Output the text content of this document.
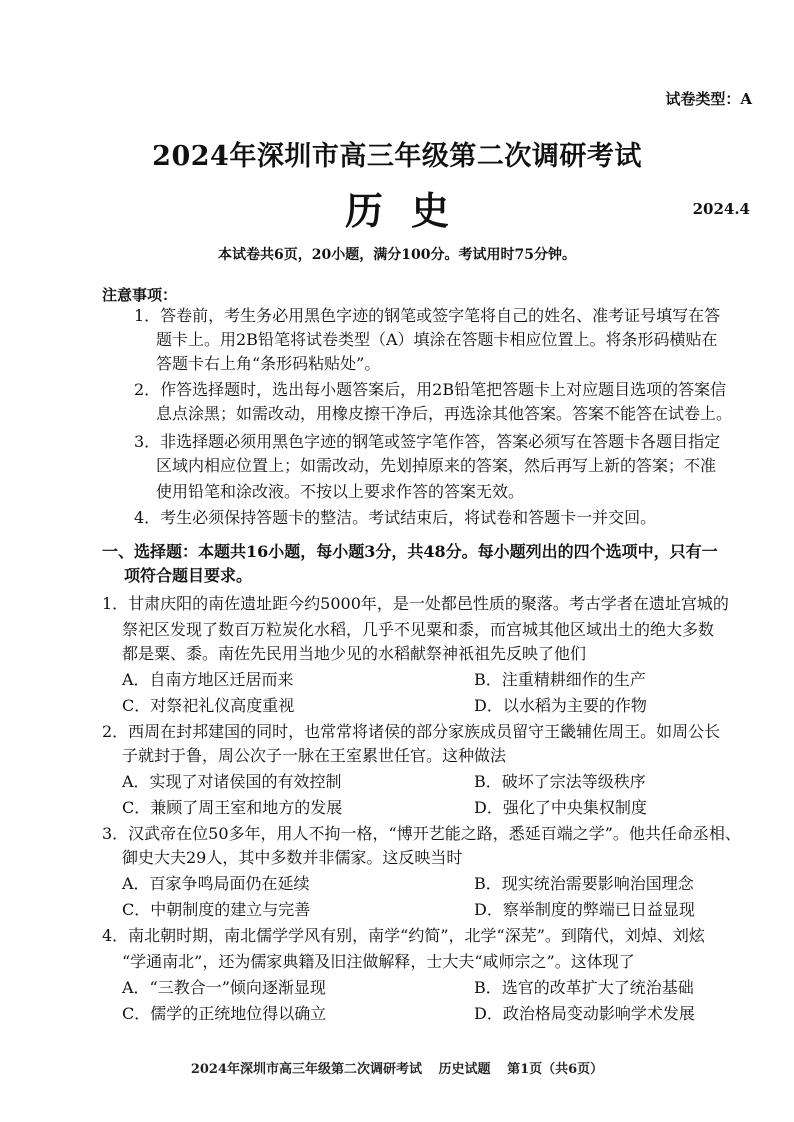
试卷类型：A
2024年深圳市高三年级第二次调研考试
历史	2024.4
本试卷共6页，20小题，满分100分。考试用时75分钟。
注意事项：
1．答卷前，考生务必用黑色字迹的钢笔或签字笔将自己的姓名、准考证号填写在答
题卡上。用2B铅笔将试卷类型（A）填涂在答题卡相应位置上。将条形码横贴在
答题卡右上角“条形码粘贴处”。
2．作答选择题时，选出每小题答案后，用2B铅笔把答题卡上对应题目选项的答案信
息点涂黑；如需改动，用橡皮擦干净后，再选涂其他答案。答案不能答在试卷上。
3．非选择题必须用黑色字迹的钢笔或签字笔作答，答案必须写在答题卡各题目指定
区域内相应位置上；如需改动，先划掉原来的答案，然后再写上新的答案；不准
使用铅笔和涂改液。不按以上要求作答的答案无效。
4．考生必须保持答题卡的整洁。考试结束后，将试卷和答题卡一并交回。
一、选择题：本题共16小题，每小题3分，共48分。每小题列出的四个选项中，只有一
项符合题目要求。
1．甘肃庆阳的南佐遗址距今约5000年，是一处都邑性质的聚落。考古学者在遗址宫城的
祭祀区发现了数百万粒炭化水稻，几乎不见粟和黍，而宫城其他区域出土的绝大多数
都是粟、黍。南佐先民用当地少见的水稻献祭神祇祖先反映了他们
A．自南方地区迁居而来	B．注重精耕细作的生产
C．对祭祀礼仪高度重视	D．以水稻为主要的作物
2．西周在封邦建国的同时，也常常将诸侯的部分家族成员留守王畿辅佐周王。如周公长
子就封于鲁，周公次子一脉在王室累世任官。这种做法
A．实现了对诸侯国的有效控制	B．破坏了宗法等级秩序
C．兼顾了周王室和地方的发展	D．强化了中央集权制度
3．汉武帝在位50多年，用人不拘一格，“博开艺能之路，悉延百端之学”。他共任命丞相、
御史大夫29人，其中多数并非儒家。这反映当时
A．百家争鸣局面仍在延续	B．现实统治需要影响治国理念
C．中朝制度的建立与完善	D．察举制度的弊端已日益显现
4．南北朝时期，南北儒学学风有别，南学“约简”，北学“深芜”。到隋代，刘焯、刘炫
“学通南北”，还为儒家典籍及旧注做解释，士大夫“咸师宗之”。这体现了
A．“三教合一”倾向逐渐显现	B．选官的改革扩大了统治基础
C．儒学的正统地位得以确立	D．政治格局变动影响学术发展
2024年深圳市高三年级第二次调研考试 历史试题 第1页（共6页）
